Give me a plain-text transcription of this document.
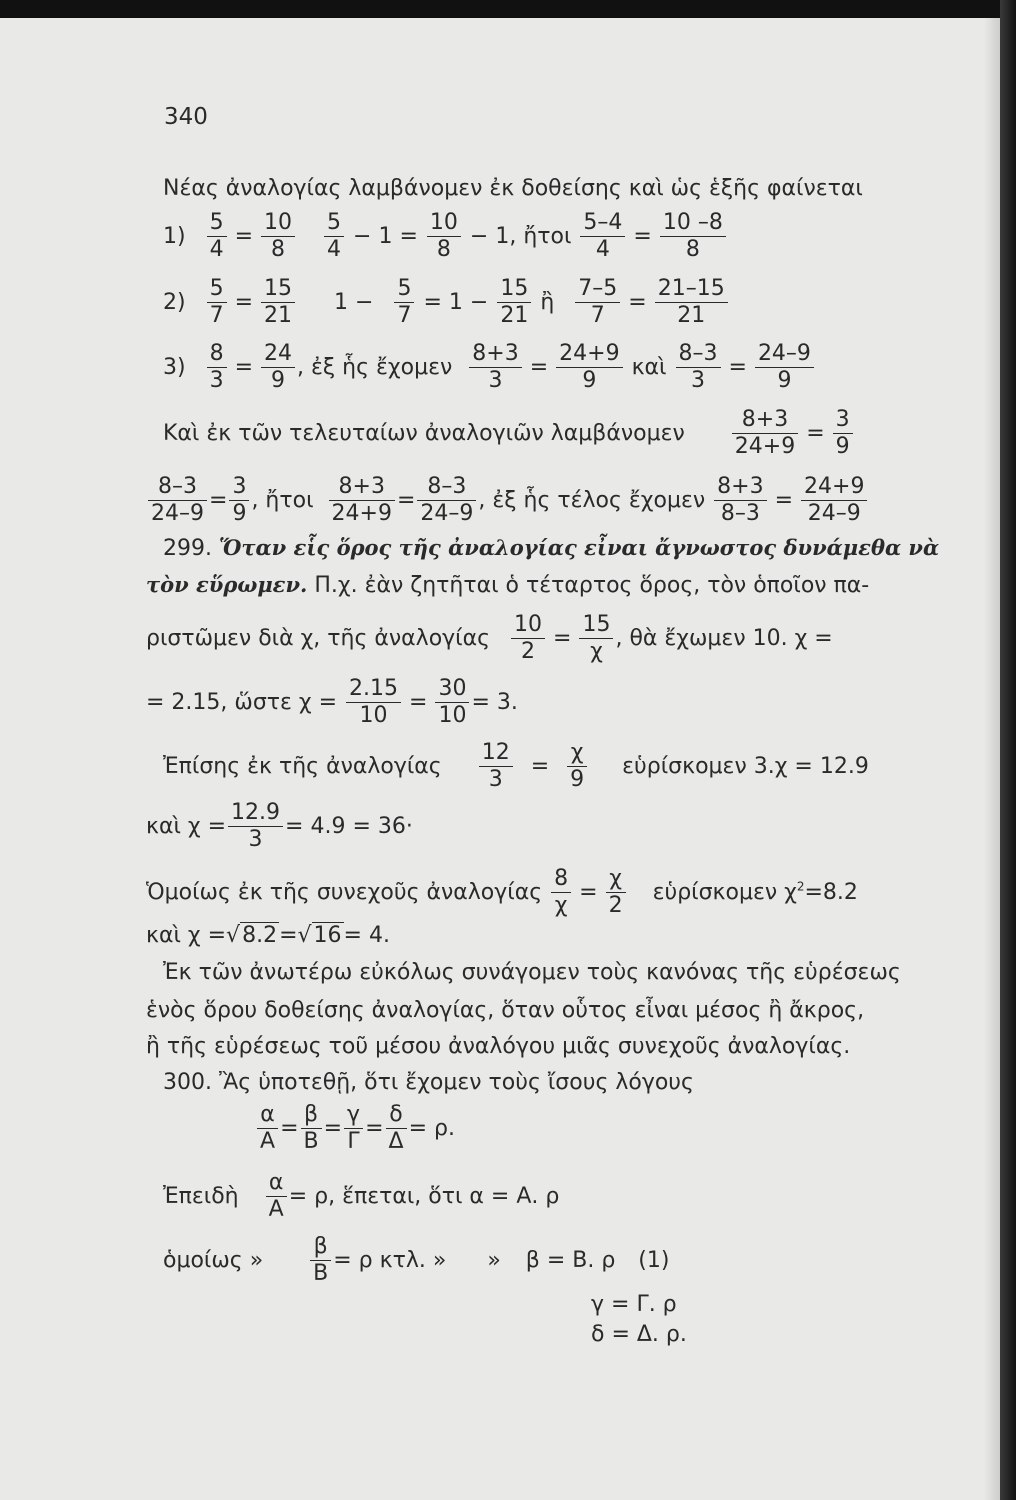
340
Νέας ἀναλογίας λαμβάνομεν ἐκ δοθείσης καὶ ὡς ἑξῆς φαίνεται
$1) \frac{5}{4} = \frac{10}{8}$
$\frac{5}{4} - 1 = \frac{10}{8} - 1$, ἤτοι $\frac{5-4}{4} = \frac{10 -8}{8}$
$2) \frac{5}{7} = \frac{15}{21} 1 - \frac{5}{7} = 1 - \frac{15}{21}$ ἢ $\frac{7-5}{7} = \frac{21-15}{21}$
$3) \frac{8}{3} = \frac{24}{9}$ , ἐξ ἧς ἔχομεν $\frac{8+3}{3} = \frac{24+9}{9}$ καὶ $\frac{8-3}{3} = \frac{24-9}{9}$
Καὶ ἐκ τῶν τελευταίων ἀναλογιῶν λαμβάνομεν $\frac{8+3}{24+9} = \frac{3}{9}$
$\frac{8-3}{24-9} = \frac{3}{9}$ , ἤτοι $\frac{8+3}{24+9} = \frac{8-3}{24-9}$ , ἐξ ἧς τέλος ἔχομεν $\frac{8+3}{8-3} = \frac{24+9}{24-9}$
299. Ὅταν εἷς ὅρος τῆς ἀναλογίας εἶναι ἄγνωστος δυνάμεθα νὰ
τὸν εὕρωμεν. Π.χ. ἐὰν ζητῆται ὁ τέταρτος ὅρος, τὸν ὁποῖον πα-
ριστῶμεν διὰ χ, τῆς ἀναλογίας $\frac{10}{2} = \frac{15}{\chi}$ , θὰ ἔχωμεν 10. χ =
= 2.15, ὥστε $\chi = \frac{2.15}{10} = \frac{30}{10} = 3$.
Ἐπίσης ἐκ τῆς ἀναλογίας $\frac{12}{3} = \frac{\chi}{9}$ εὑρίσκομεν 3.χ = 12.9
καὶ $\chi = \frac{12.9}{3} = 4.9 = 36\cdot$
Ὁμοίως ἐκ τῆς συνεχοῦς ἀναλογίας $\frac{8}{\chi} = \frac{\chi}{2}$ εὑρίσκομεν $\chi^2=8.2$
καὶ χ =√8.2=√16= 4.
Ἐκ τῶν ἀνωτέρω εὐκόλως συνάγομεν τοὺς κανόνας τῆς εὑρέσεως
ἑνὸς ὅρου δοθείσης ἀναλογίας, ὅταν οὗτος εἶναι μέσος ἢ ἄκρος,
ἢ τῆς εὑρέσεως τοῦ μέσου ἀναλόγου μιᾶς συνεχοῦς ἀναλογίας.
300. Ἂς ὑποτεθῇ, ὅτι ἔχομεν τοὺς ἴσους λόγους
$\frac{\alpha}{A} = \frac{\beta}{B} = \frac{\gamma}{\Gamma} = \frac{\delta}{\Delta} = \rho$.
Ἐπειδὴ $\frac{\alpha}{A} = \rho$, ἕπεται, ὅτι α = Α. ρ
ὁμοίως » $\frac{\beta}{B} = \rho$ κτλ. » » β = Β. ρ (1)
γ = Γ. ρ
δ = Δ. ρ.
